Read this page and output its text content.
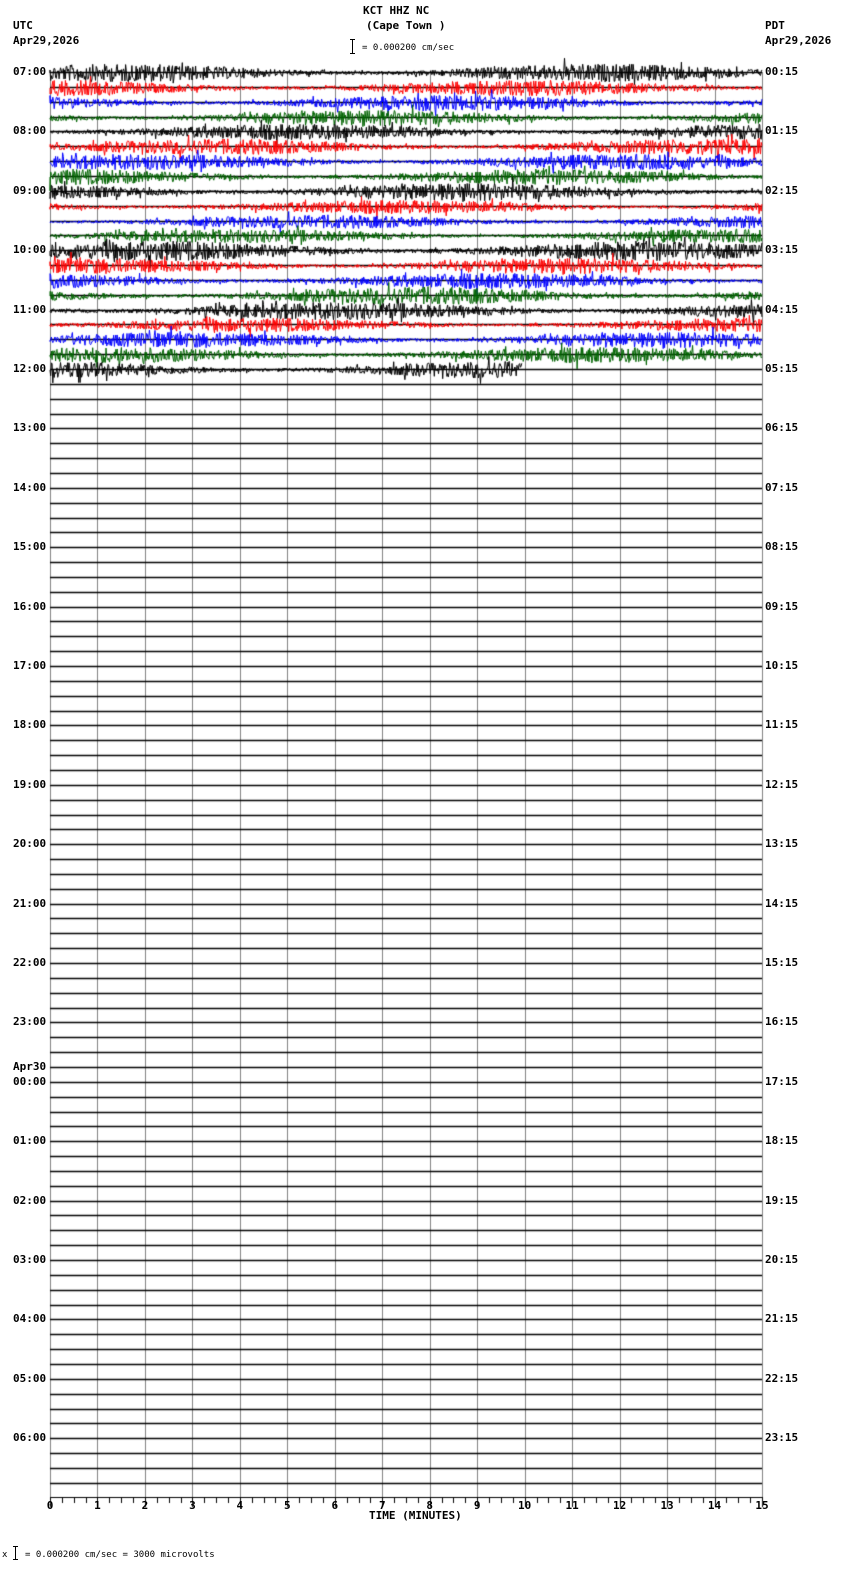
07:00
08:00
09:00
10:00
11:00
12:00
13:00
14:00
15:00
16:00
17:00
18:00
19:00
20:00
21:00
22:00
23:00
Apr30
00:00
01:00
02:00
03:00
04:00
05:00
06:00
00:15
01:15
02:15
03:15
04:15
05:15
06:15
07:15
08:15
09:15
10:15
11:15
12:15
13:15
14:15
15:15
16:15
17:15
18:15
19:15
20:15
21:15
22:15
23:15
0	1	2	3	4	5	6	7	8	9	10	11	12	13	14	15
TIME (MINUTES)
x = 0.000200 cm/sec = 3000 microvolts
